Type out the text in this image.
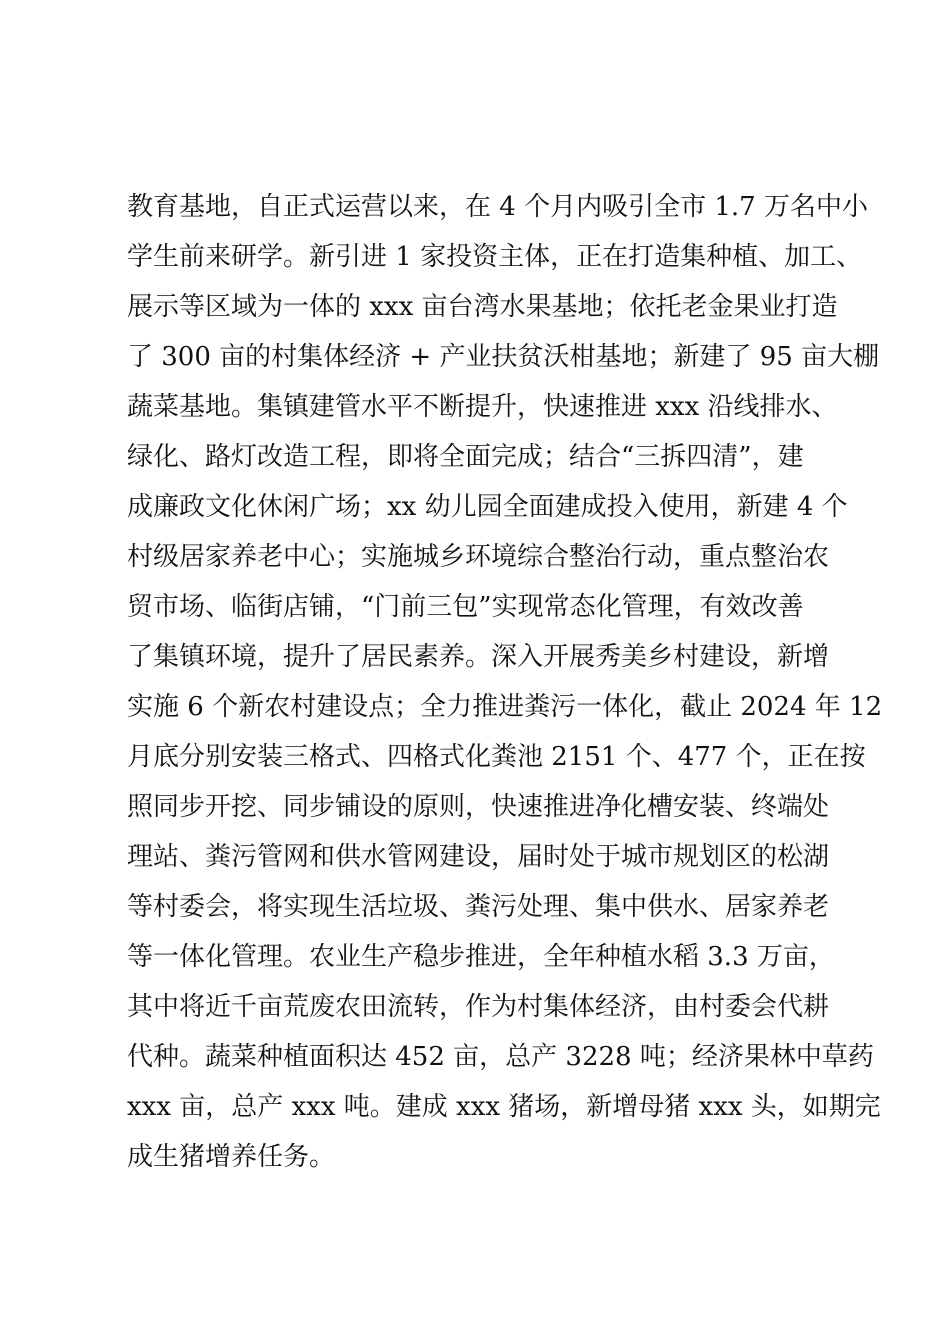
教育基地，自正式运营以来，在 4 个月内吸引全市 1.7 万名中小
学生前来研学。新引进 1 家投资主体，正在打造集种植、加工、
展示等区域为一体的 xxx 亩台湾水果基地；依托老金果业打造
了 300 亩的村集体经济 + 产业扶贫沃柑基地；新建了 95 亩大棚
蔬菜基地。集镇建管水平不断提升，快速推进 xxx 沿线排水、
绿化、路灯改造工程，即将全面完成；结合“三拆四清”，建
成廉政文化休闲广场；xx 幼儿园全面建成投入使用，新建 4 个
村级居家养老中心；实施城乡环境综合整治行动，重点整治农
贸市场、临街店铺，“门前三包”实现常态化管理，有效改善
了集镇环境，提升了居民素养。深入开展秀美乡村建设，新增
实施 6 个新农村建设点；全力推进粪污一体化，截止 2024 年 12
月底分别安装三格式、四格式化粪池 2151 个、477 个，正在按
照同步开挖、同步铺设的原则，快速推进净化槽安装、终端处
理站、粪污管网和供水管网建设，届时处于城市规划区的松湖
等村委会，将实现生活垃圾、粪污处理、集中供水、居家养老
等一体化管理。农业生产稳步推进，全年种植水稻 3.3 万亩，
其中将近千亩荒废农田流转，作为村集体经济，由村委会代耕
代种。蔬菜种植面积达 452 亩，总产 3228 吨；经济果林中草药
xxx 亩，总产 xxx 吨。建成 xxx 猪场，新增母猪 xxx 头，如期完
成生猪增养任务。
